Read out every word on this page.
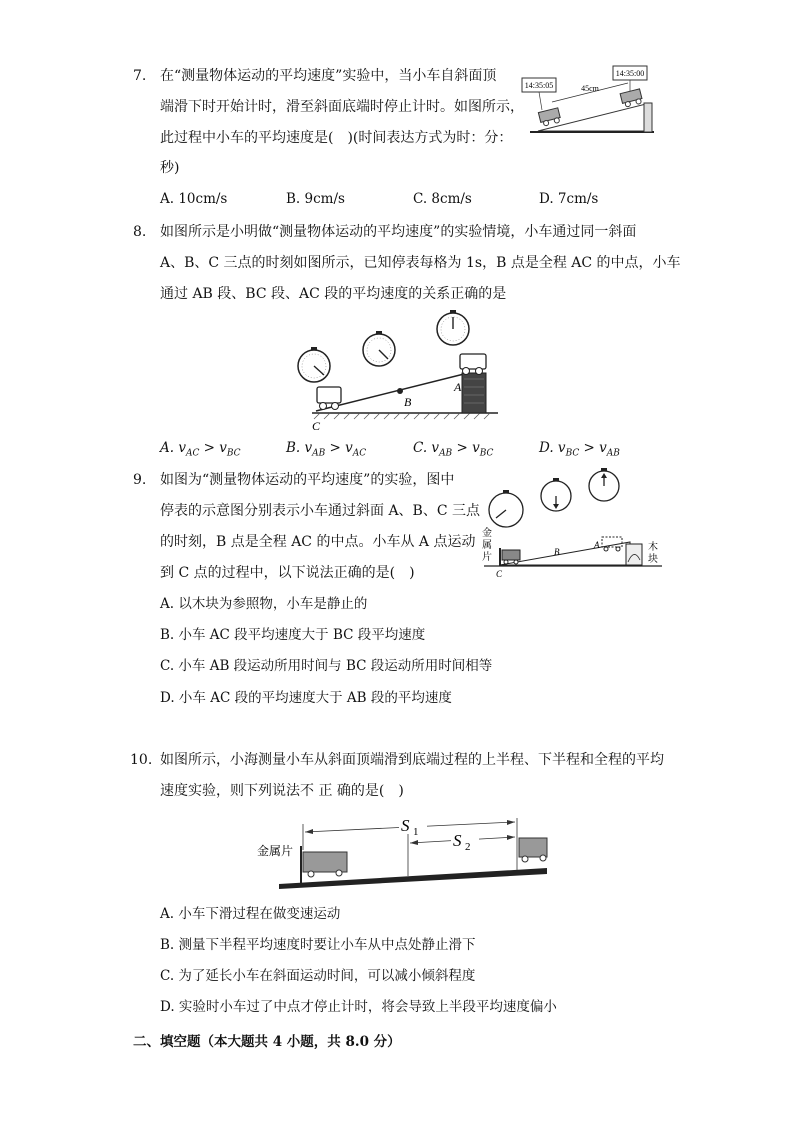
7. 在“测量物体运动的平均速度”实验中，当小车自斜面顶
端滑下时开始计时，滑至斜面底端时停止计时。如图所示，
此过程中小车的平均速度是(　)(时间表达方式为时：分：
秒)
14:35:05
14:35:00
45cm
A. 10cm/s	B. 9cm/s	C. 8cm/s	D. 7cm/s
8. 如图所示是小明做“测量物体运动的平均速度”的实验情境，小车通过同一斜面
A、B、C 三点的时刻如图所示，已知停表每格为 1s，B 点是全程 AC 的中点，小车
通过 AB 段、BC 段、AC 段的平均速度的关系正确的是
A
B
C
A. $v_{AC} > v_{BC}$	B. $v_{AB} > v_{AC}$	C. $v_{AB} > v_{BC}$	D. $v_{BC} > v_{AB}$
9. 如图为“测量物体运动的平均速度”的实验，图中
停表的示意图分别表示小车通过斜面 A、B、C 三点
的时刻，B 点是全程 AC 的中点。小车从 A 点运动
到 C 点的过程中，以下说法正确的是(　)
金
属
片
木
块
A
B
C
A. 以木块为参照物，小车是静止的
B. 小车 AC 段平均速度大于 BC 段平均速度
C. 小车 AB 段运动所用时间与 BC 段运动所用时间相等
D. 小车 AC 段的平均速度大于 AB 段的平均速度
10. 如图所示，小海测量小车从斜面顶端滑到底端过程的上半程、下半程和全程的平均
速度实验，则下列说法不 正 确的是(　)
S 1 S 2
金属片
A. 小车下滑过程在做变速运动
B. 测量下半程平均速度时要让小车从中点处静止滑下
C. 为了延长小车在斜面运动时间，可以减小倾斜程度
D. 实验时小车过了中点才停止计时，将会导致上半段平均速度偏小
二、填空题（本大题共 4 小题，共 8.0 分）
